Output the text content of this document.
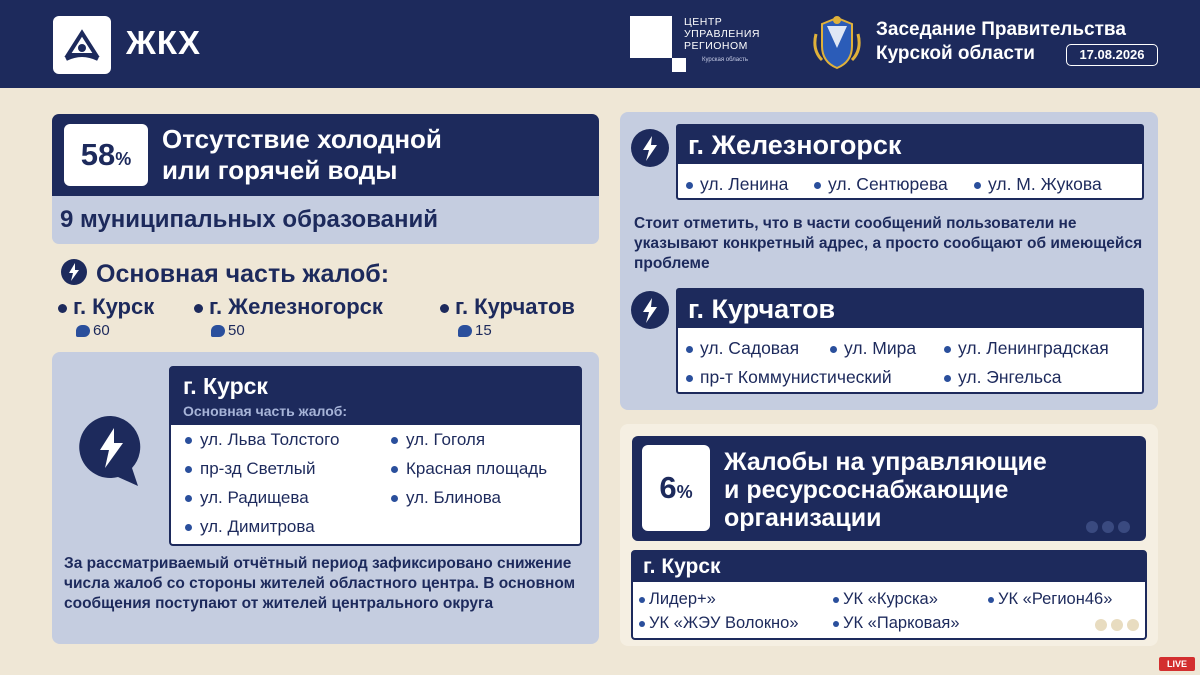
ЖКХ
ЦЕНТР
УПРАВЛЕНИЯ
РЕГИОНОМ
Курская область
Заседание Правительства
Курской области	17.08.2026
58%
Отсутствие холодной
или горячей воды
9 муниципальных образований
Основная часть жалоб:
г. Курск
60
г. Железногорск
50
г. Курчатов
15
г. Курск
Основная часть жалоб:
ул. Льва Толстого	ул. Гоголя
пр-зд Светлый	Красная площадь
ул. Радищева	ул. Блинова
ул. Димитрова
За рассматриваемый отчётный период зафиксировано снижение числа жалоб со стороны жителей областного центра. В основном сообщения поступают от жителей центрального округа
г. Железногорск
ул. Ленина	ул. Сентюрева	ул. М. Жукова
Стоит отметить, что в части сообщений пользователи не указывают конкретный адрес, а просто сообщают об имеющейся проблеме
г. Курчатов
ул. Садовая	ул. Мира	ул. Ленинградская
пр-т Коммунистический	ул. Энгельса
6%
Жалобы на управляющие
и ресурсоснабжающие
организации
г. Курск
Лидер+»	УК «Курска»	УК «Регион46»
УК «ЖЭУ Волокно»	УК «Парковая»
LIVE
